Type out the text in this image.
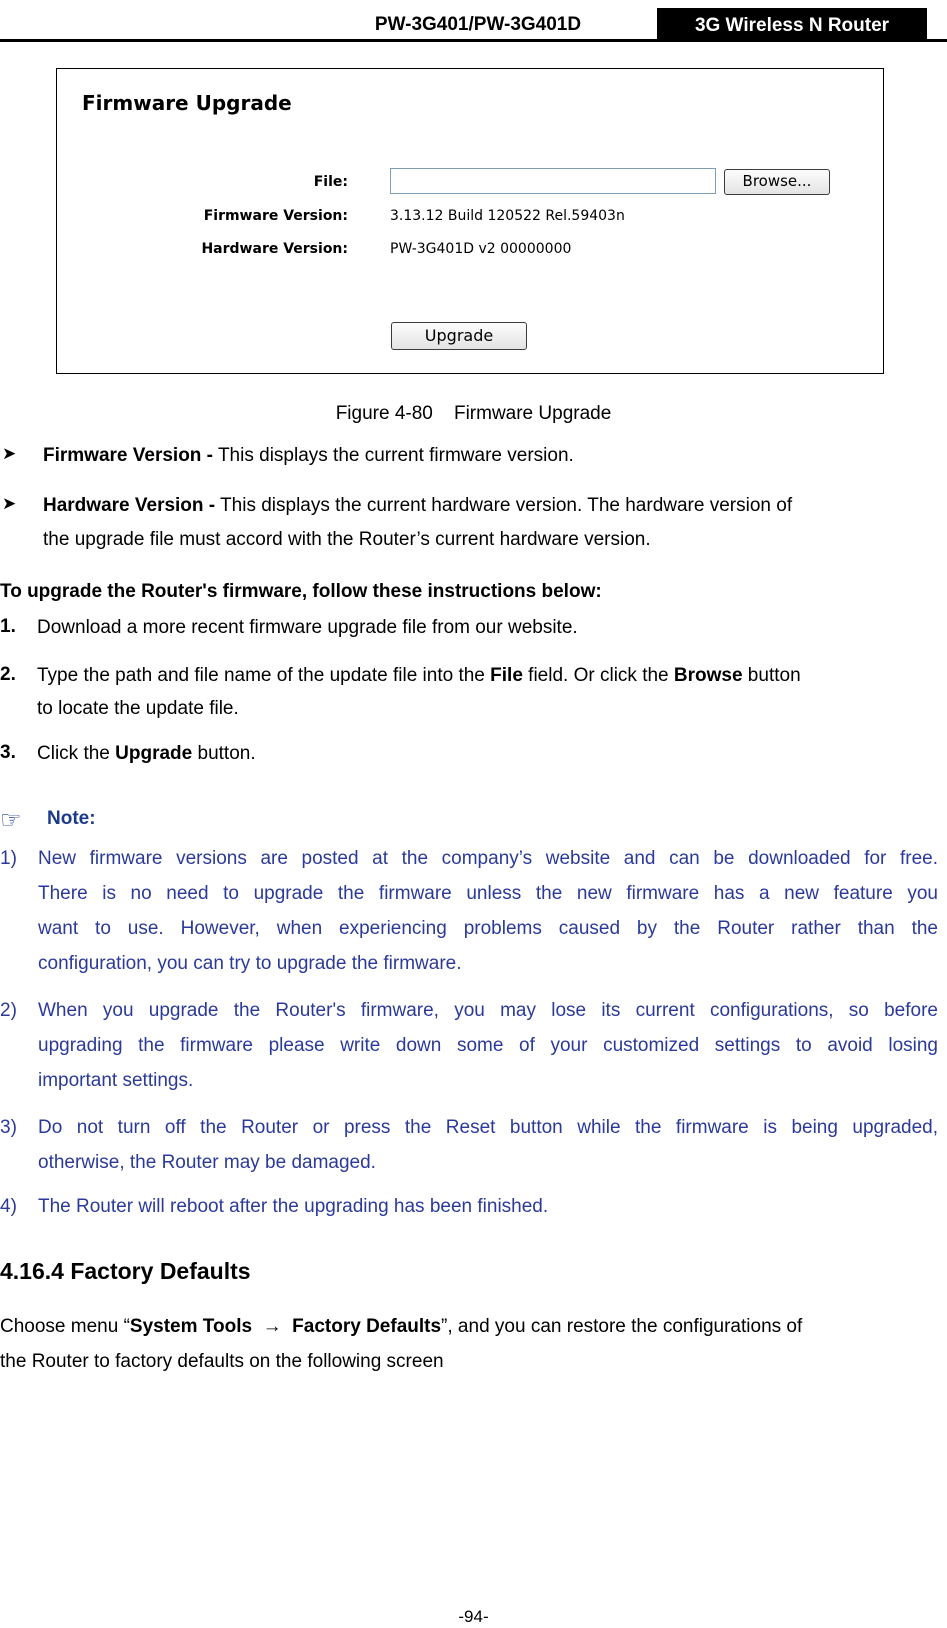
PW-3G401/PW-3G401D	3G Wireless N Router
Firmware Upgrade
File:	Browse...
Firmware Version:	3.13.12 Build 120522 Rel.59403n
Hardware Version:	PW-3G401D v2 00000000
Upgrade
Figure 4-80    Firmware Upgrade
➤ Firmware Version - This displays the current firmware version.
➤ Hardware Version - This displays the current hardware version. The hardware version of
the upgrade file must accord with the Router’s current hardware version.
To upgrade the Router's firmware, follow these instructions below:
1. Download a more recent firmware upgrade file from our website.
2. Type the path and file name of the update file into the File field. Or click the Browse button
to locate the update file.
3. Click the Upgrade button.
☞ Note:
1) New firmware versions are posted at the company’s website and can be downloaded for free.
There is no need to upgrade the firmware unless the new firmware has a new feature you
want to use. However, when experiencing problems caused by the Router rather than the
configuration, you can try to upgrade the firmware.
2) When you upgrade the Router's firmware, you may lose its current configurations, so before
upgrading the firmware please write down some of your customized settings to avoid losing
important settings.
3) Do not turn off the Router or press the Reset button while the firmware is being upgraded,
otherwise, the Router may be damaged.
4) The Router will reboot after the upgrading has been finished.
4.16.4 Factory Defaults
Choose menu “System Tools → Factory Defaults”, and you can restore the configurations of
the Router to factory defaults on the following screen
-94-
